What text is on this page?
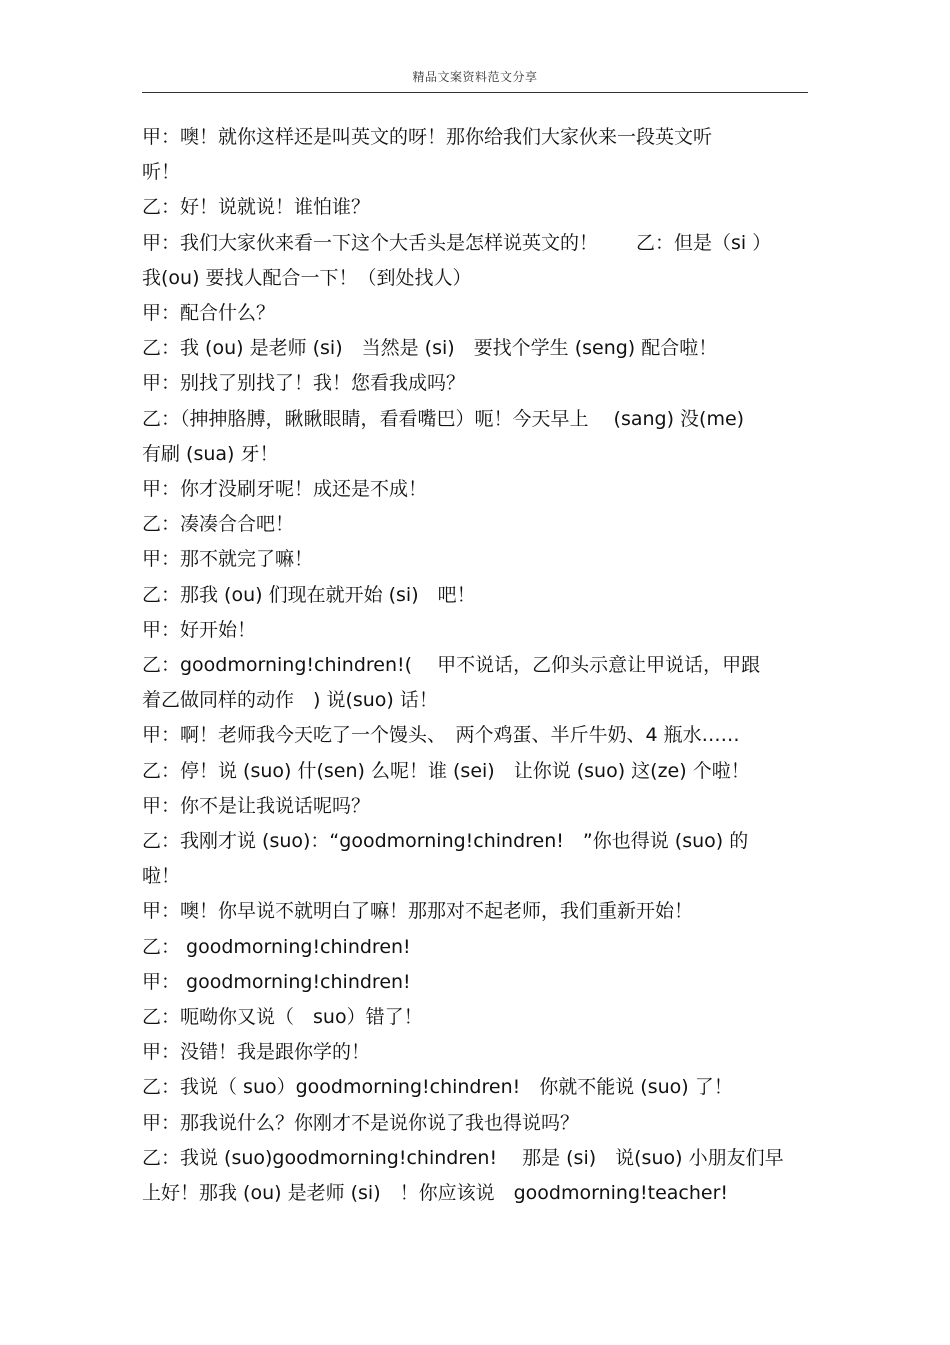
精品文案资料范文分享
甲：噢！就你这样还是叫英文的呀！那你给我们大家伙来一段英文听
听！
乙：好！说就说！谁怕谁？
甲：我们大家伙来看一下这个大舌头是怎样说英文的！　　乙：但是（si ）
我(ou) 要找人配合一下！（到处找人）
甲：配合什么？
乙：我 (ou) 是老师 (si)　当然是 (si)　要找个学生 (seng) 配合啦！
甲：别找了别找了！我！您看我成吗？
乙：（抻抻胳膊，瞅瞅眼睛，看看嘴巴）呃！今天早上　 (sang) 没(me)
有刷 (sua) 牙！
甲：你才没刷牙呢！成还是不成！
乙：凑凑合合吧！
甲：那不就完了嘛！
乙：那我 (ou) 们现在就开始 (si)　吧！
甲：好开始！
乙：goodmorning!chindren!(　 甲不说话，乙仰头示意让甲说话，甲跟
着乙做同样的动作　) 说(suo) 话！
甲：啊！老师我今天吃了一个馒头、　两个鸡蛋、半斤牛奶、4 瓶水……
乙：停！说 (suo) 什(sen) 么呢！谁 (sei)　让你说 (suo) 这(ze) 个啦！
甲：你不是让我说话呢吗？
乙：我刚才说 (suo)：“goodmorning!chindren!　”你也得说 (suo) 的
啦！
甲：噢！你早说不就明白了嘛！那那对不起老师，我们重新开始！
乙： goodmorning!chindren!
甲： goodmorning!chindren!
乙：呃呦你又说（　suo）错了！
甲：没错！我是跟你学的！
乙：我说（ suo）goodmorning!chindren!　你就不能说 (suo) 了！
甲：那我说什么？你刚才不是说你说了我也得说吗？
乙：我说 (suo)goodmorning!chindren!　 那是 (si)　说(suo) 小朋友们早
上好！那我 (ou) 是老师 (si)　！你应该说　goodmorning!teacher!
